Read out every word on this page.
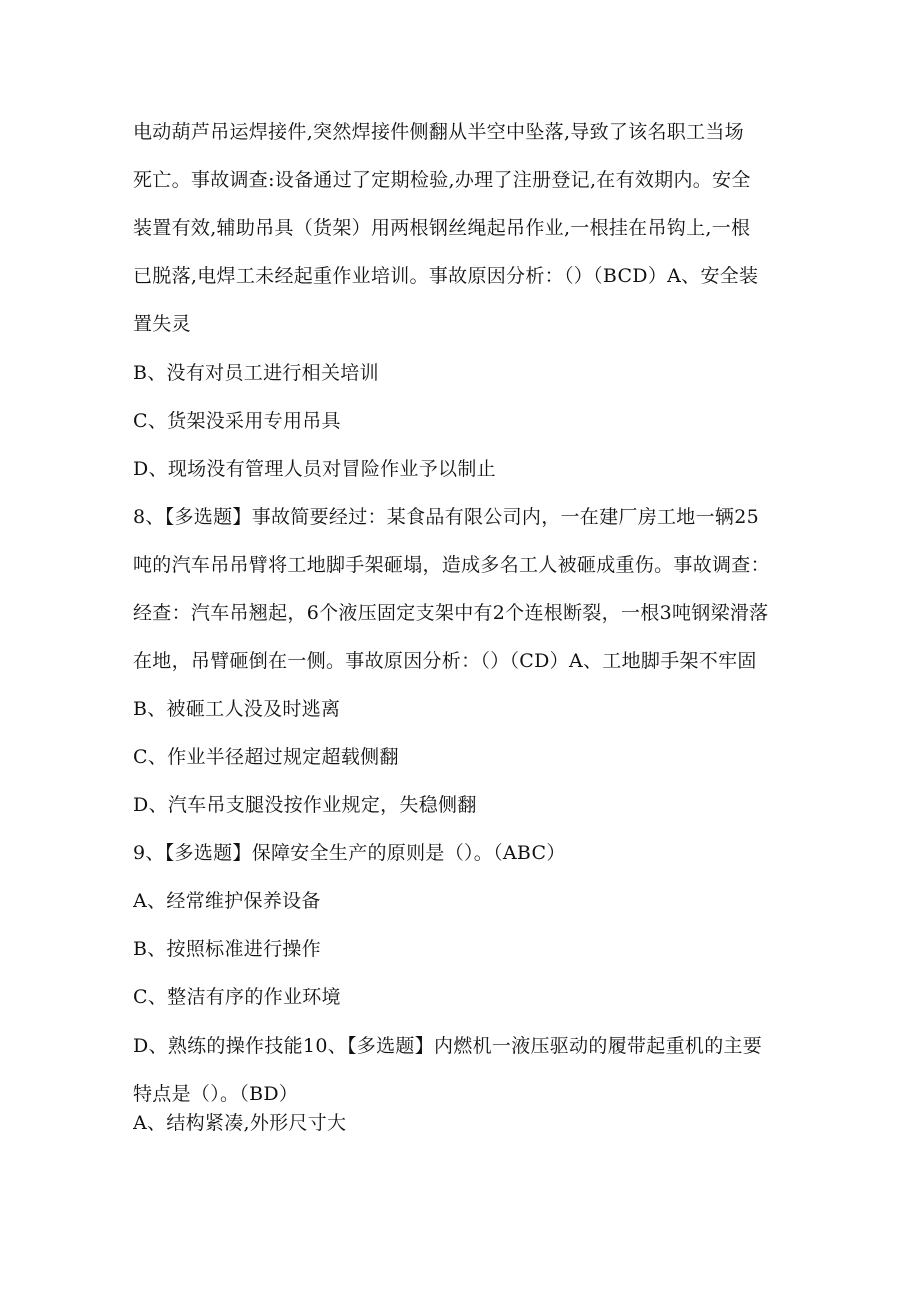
电动葫芦吊运焊接件,突然焊接件侧翻从半空中坠落,导致了该名职工当场
死亡。事故调查:设备通过了定期检验,办理了注册登记,在有效期内。安全
装置有效,辅助吊具（货架）用两根钢丝绳起吊作业,一根挂在吊钩上,一根
已脱落,电焊工未经起重作业培训。事故原因分析：（）（BCD）A、安全装
置失灵
B、没有对员工进行相关培训
C、货架没采用专用吊具
D、现场没有管理人员对冒险作业予以制止
8、【多选题】事故简要经过：某食品有限公司内，一在建厂房工地一辆25
吨的汽车吊吊臂将工地脚手架砸塌，造成多名工人被砸成重伤。事故调查：
经查：汽车吊翘起，6个液压固定支架中有2个连根断裂，一根3吨钢梁滑落
在地，吊臂砸倒在一侧。事故原因分析：（）（CD）A、工地脚手架不牢固
B、被砸工人没及时逃离
C、作业半径超过规定超载侧翻
D、汽车吊支腿没按作业规定，失稳侧翻
9、【多选题】保障安全生产的原则是（）。（ABC）
A、经常维护保养设备
B、按照标准进行操作
C、整洁有序的作业环境
D、熟练的操作技能10、【多选题】内燃机一液压驱动的履带起重机的主要
特点是（）。（BD）
A、结构紧凑,外形尺寸大
